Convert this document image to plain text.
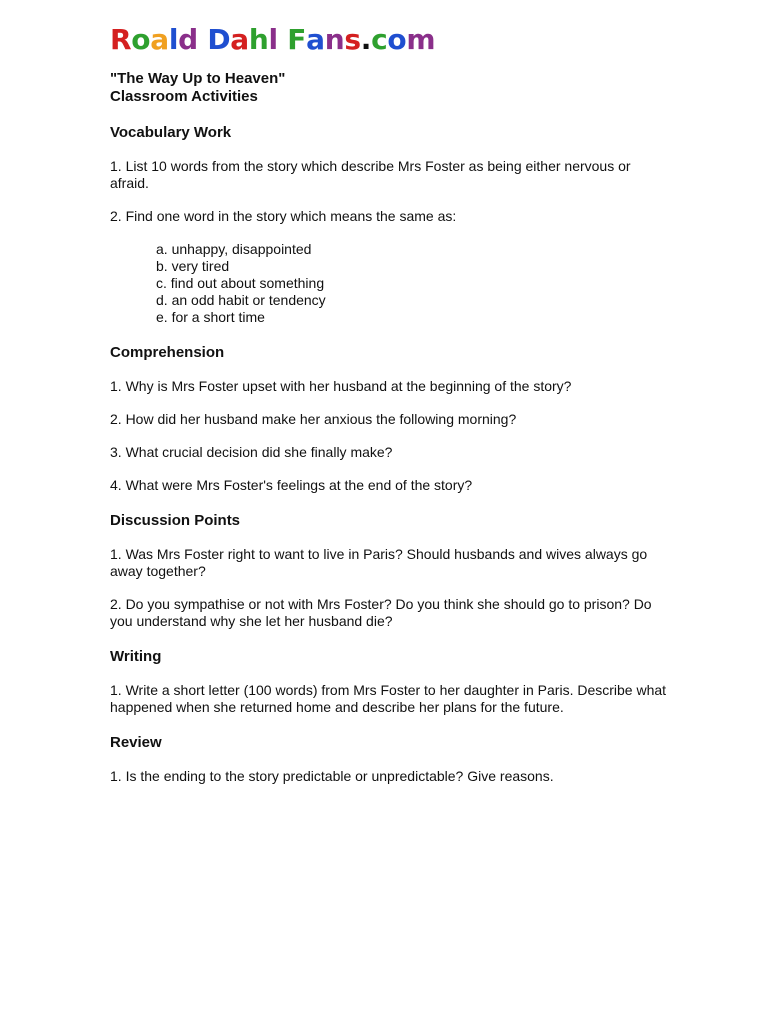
Roald Dahl Fans.com
"The Way Up to Heaven"
Classroom Activities
Vocabulary Work

1. List 10 words from the story which describe Mrs Foster as being either nervous or afraid.

2. Find one word in the story which means the same as:

a. unhappy, disappointed
b. very tired
c. find out about something
d. an odd habit or tendency
e. for a short time
Comprehension

1. Why is Mrs Foster upset with her husband at the beginning of the story?

2. How did her husband make her anxious the following morning?

3. What crucial decision did she finally make?

4. What were Mrs Foster's feelings at the end of the story?

Discussion Points

1. Was Mrs Foster right to want to live in Paris? Should husbands and wives always go away together?

2. Do you sympathise or not with Mrs Foster? Do you think she should go to prison? Do you understand why she let her husband die?

Writing

1. Write a short letter (100 words) from Mrs Foster to her daughter in Paris. Describe what happened when she returned home and describe her plans for the future.

Review

1. Is the ending to the story predictable or unpredictable? Give reasons.
